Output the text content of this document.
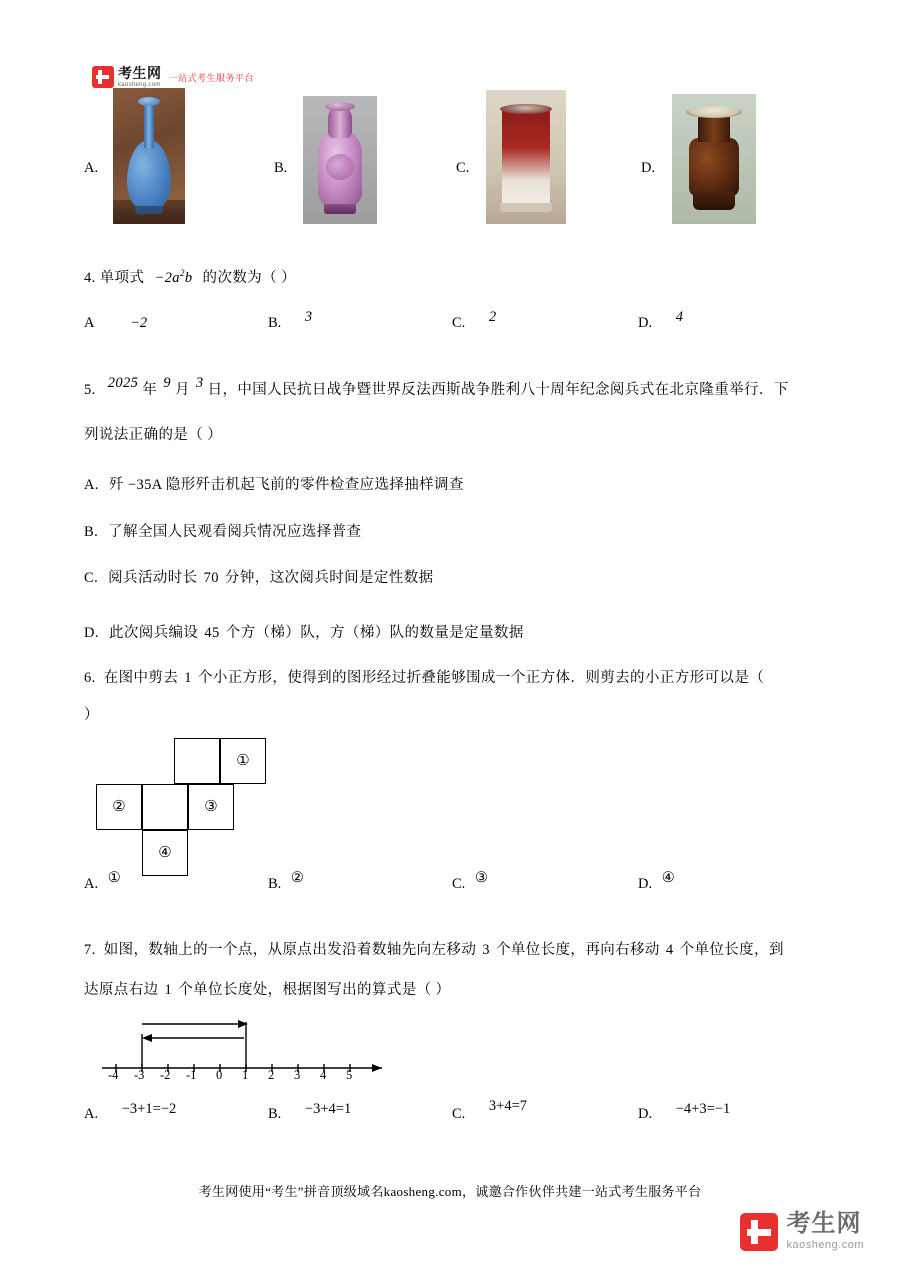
考生网
kaosheng.com
一站式考生服务平台
A.	B.	C.	D.
4. 单项式 $-2a^2b$ 的次数为（ ）
A −2	B. 3	C. 2	D. 4
5. 2025 年 9 月 3 日，中国人民抗日战争暨世界反法西斯战争胜利八十周年纪念阅兵式在北京隆重举行．下
列说法正确的是（ ）
A. 歼 −35A 隐形歼击机起飞前的零件检查应选择抽样调查
B. 了解全国人民观看阅兵情况应选择普查
C. 阅兵活动时长 70 分钟，这次阅兵时间是定性数据
D. 此次阅兵编设 45 个方（梯）队，方（梯）队的数量是定量数据
6. 在图中剪去 1 个小正方形，使得到的图形经过折叠能够围成一个正方体．则剪去的小正方形可以是（
）
①
②	③
④
A. ①	B. ②	C. ③	D. ④
7. 如图，数轴上的一个点，从原点出发沿着数轴先向左移动 3 个单位长度，再向右移动 4 个单位长度，到
达原点右边 1 个单位长度处，根据图写出的算式是（ ）
-4 -3 -2 -1 0 1 2 3 4 5
A. −3+1=−2	B. −3+4=1	C. 3+4=7	D. −4+3=−1
考生网使用“考生”拼音顶级域名kaosheng.com，诚邀合作伙伴共建一站式考生服务平台
考生网
kaosheng.com
